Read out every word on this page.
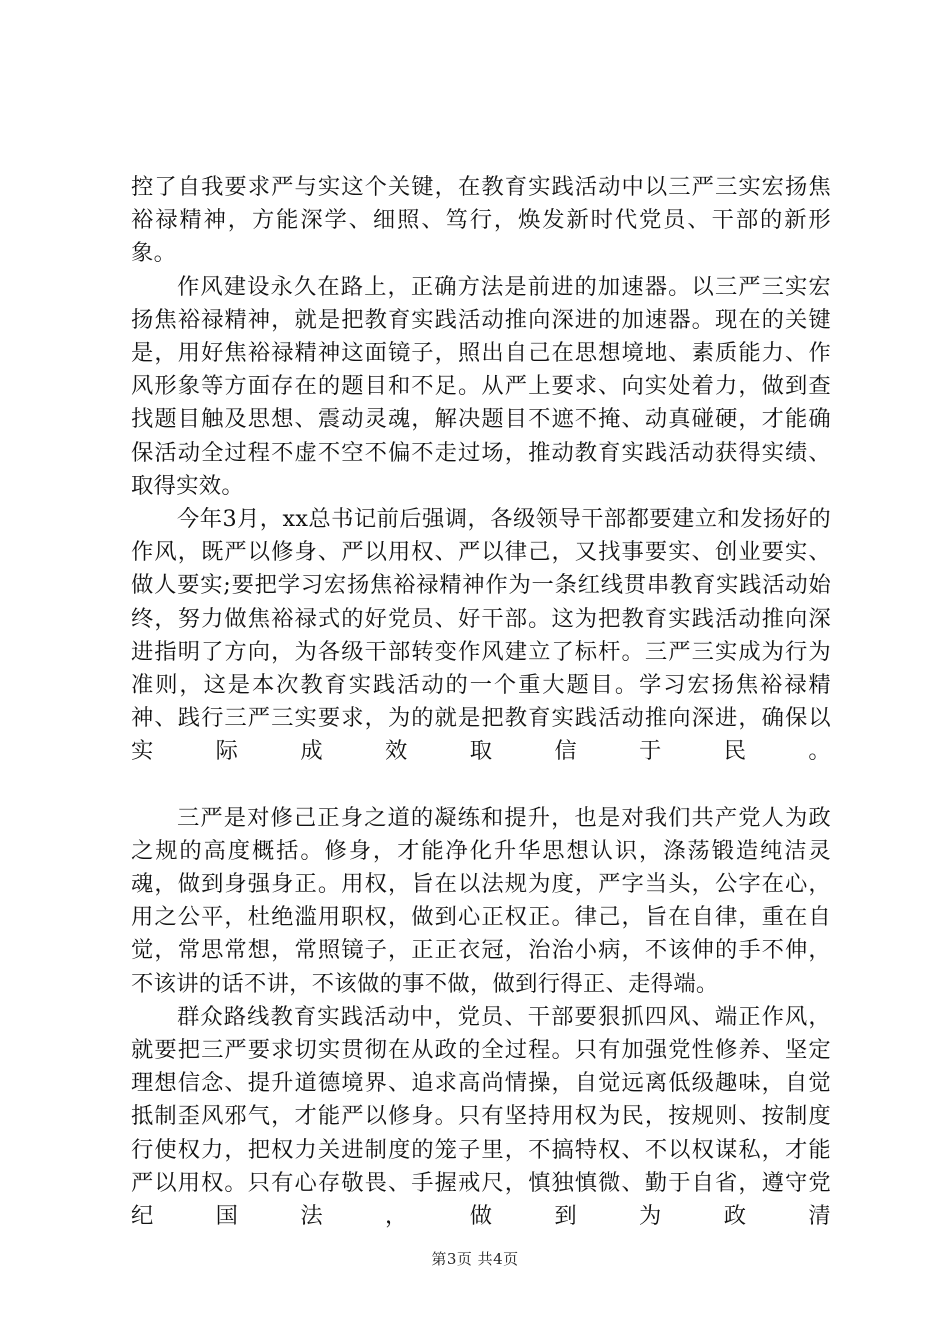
控了自我要求严与实这个关键，在教育实践活动中以三严三实宏扬焦裕禄精神，方能深学、细照、笃行，焕发新时代党员、干部的新形象。

作风建设永久在路上，正确方法是前进的加速器。以三严三实宏扬焦裕禄精神，就是把教育实践活动推向深进的加速器。现在的关键是，用好焦裕禄精神这面镜子，照出自己在思想境地、素质能力、作风形象等方面存在的题目和不足。从严上要求、向实处着力，做到查找题目触及思想、震动灵魂，解决题目不遮不掩、动真碰硬，才能确保活动全过程不虚不空不偏不走过场，推动教育实践活动获得实绩、取得实效。

今年3月，xx总书记前后强调，各级领导干部都要建立和发扬好的作风，既严以修身、严以用权、严以律己，又找事要实、创业要实、做人要实;要把学习宏扬焦裕禄精神作为一条红线贯串教育实践活动始终，努力做焦裕禄式的好党员、好干部。这为把教育实践活动推向深进指明了方向，为各级干部转变作风建立了标杆。三严三实成为行为准则，这是本次教育实践活动的一个重大题目。学习宏扬焦裕禄精神、践行三严三实要求，为的就是把教育实践活动推向深进，确保以实际成效取信于民。

三严是对修己正身之道的凝练和提升，也是对我们共产党人为政之规的高度概括。修身，才能净化升华思想认识，涤荡锻造纯洁灵魂，做到身强身正。用权，旨在以法规为度，严字当头，公字在心，用之公平，杜绝滥用职权，做到心正权正。律己，旨在自律，重在自觉，常思常想，常照镜子，正正衣冠，治治小病，不该伸的手不伸，不该讲的话不讲，不该做的事不做，做到行得正、走得端。

群众路线教育实践活动中，党员、干部要狠抓四风、端正作风，就要把三严要求切实贯彻在从政的全过程。只有加强党性修养、坚定理想信念、提升道德境界、追求高尚情操，自觉远离低级趣味，自觉抵制歪风邪气，才能严以修身。只有坚持用权为民，按规则、按制度行使权力，把权力关进制度的笼子里，不搞特权、不以权谋私，才能严以用权。只有心存敬畏、手握戒尺，慎独慎微、勤于自省，遵守党纪国法，做到为政清

第3页 共4页
